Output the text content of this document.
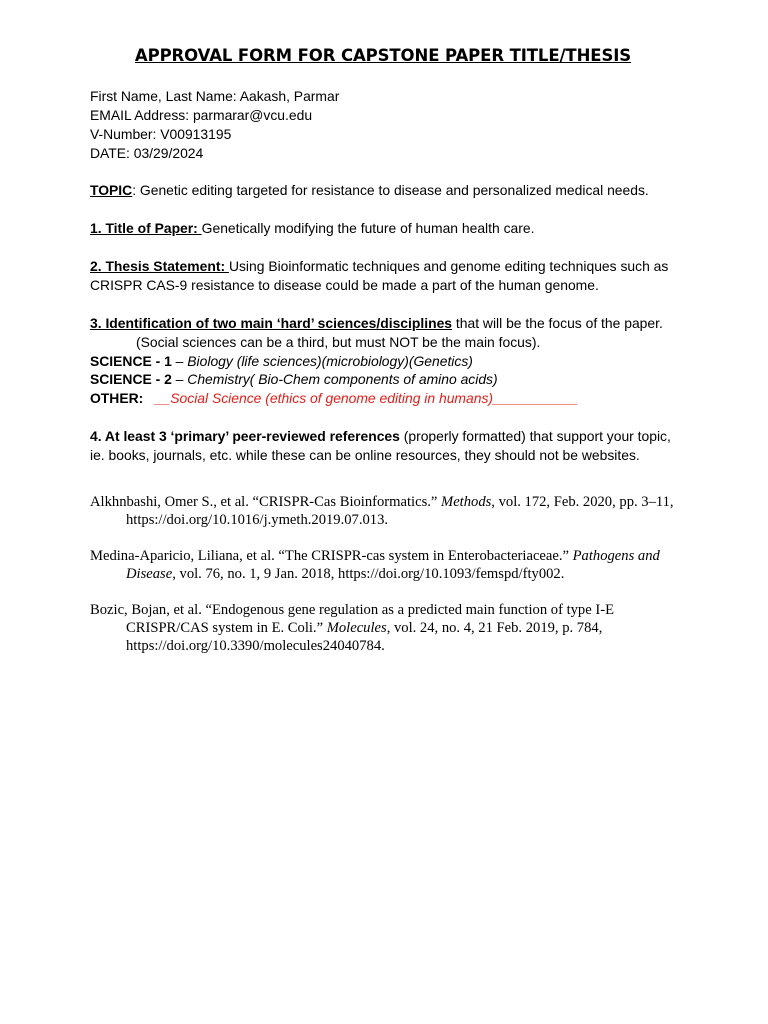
APPROVAL FORM FOR CAPSTONE PAPER TITLE/THESIS
First Name, Last Name: Aakash, Parmar
EMAIL Address: parmarar@vcu.edu
V-Number: V00913195
DATE: 03/29/2024
TOPIC: Genetic editing targeted for resistance to disease and personalized medical needs.
1. Title of Paper: Genetically modifying the future of human health care.
2. Thesis Statement: Using Bioinformatic techniques and genome editing techniques such as CRISPR CAS-9 resistance to disease could be made a part of the human genome.
3. Identification of two main ‘hard’ sciences/disciplines that will be the focus of the paper.
(Social sciences can be a third, but must NOT be the main focus).
SCIENCE - 1 – Biology (life sciences)(microbiology)(Genetics)
SCIENCE - 2 – Chemistry( Bio-Chem components of amino acids)
OTHER: __Social Science (ethics of genome editing in humans)___________
4. At least 3 ‘primary’ peer-reviewed references (properly formatted) that support your topic, ie. books, journals, etc. while these can be online resources, they should not be websites.
Alkhnbashi, Omer S., et al. “CRISPR-Cas Bioinformatics.” Methods, vol. 172, Feb. 2020, pp. 3–11, https://doi.org/10.1016/j.ymeth.2019.07.013.
Medina-Aparicio, Liliana, et al. “The CRISPR-cas system in Enterobacteriaceae.” Pathogens and Disease, vol. 76, no. 1, 9 Jan. 2018, https://doi.org/10.1093/femspd/fty002.
Bozic, Bojan, et al. “Endogenous gene regulation as a predicted main function of type I-E CRISPR/CAS system in E. Coli.” Molecules, vol. 24, no. 4, 21 Feb. 2019, p. 784, https://doi.org/10.3390/molecules24040784.
